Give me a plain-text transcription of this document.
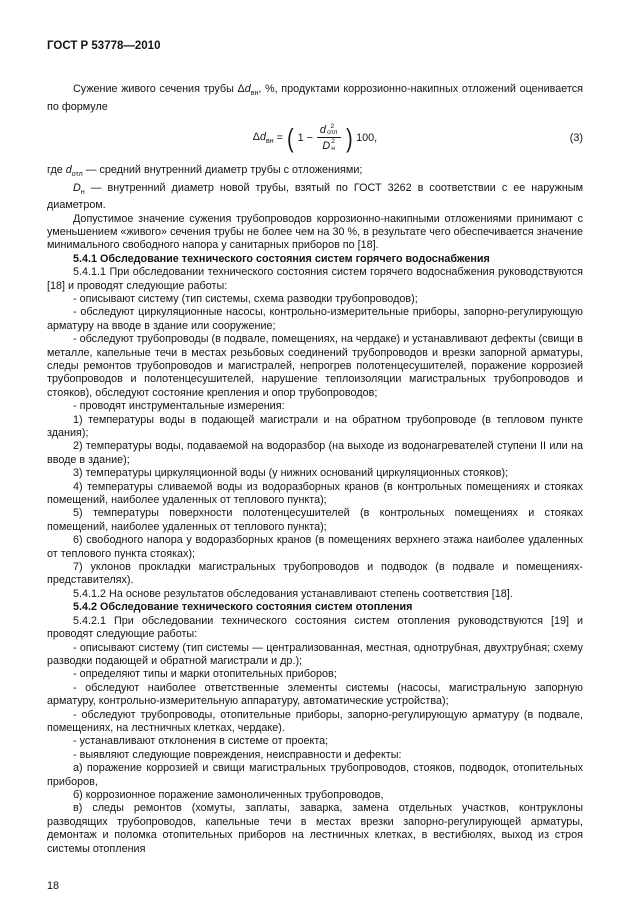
ГОСТ Р 53778—2010

Сужение живого сечения трубы $\Delta d_{вн}$, %, продуктами коррозионно-накипных отложений оценивается по формуле

$\Delta d_{вн}$ = ( 1 − d 2
отл
D 2
н ) 100,	(3)

где $d_{отл}$ — средний внутренний диаметр трубы с отложениями;

$D_н$ — внутренний диаметр новой трубы, взятый по ГОСТ 3262 в соответствии с ее наружным диаметром.

Допустимое значение сужения трубопроводов коррозионно-накипными отложениями принимают с уменьшением «живого» сечения трубы не более чем на 30 %, в результате чего обеспечивается значение минимального свободного напора у санитарных приборов по [18].

5.4.1 Обследование технического состояния систем горячего водоснабжения

5.4.1.1 При обследовании технического состояния систем горячего водоснабжения руководствуются [18] и проводят следующие работы:

- описывают систему (тип системы, схема разводки трубопроводов);

- обследуют циркуляционные насосы, контрольно-измерительные приборы, запорно-регулирующую арматуру на вводе в здание или сооружение;

- обследуют трубопроводы (в подвале, помещениях, на чердаке) и устанавливают дефекты (свищи в металле, капельные течи в местах резьбовых соединений трубопроводов и врезки запорной арматуры, следы ремонтов трубопроводов и магистралей, непрогрев полотенцесушителей, поражение коррозией трубопроводов и полотенцесушителей, нарушение теплоизоляции магистральных трубопроводов и стояков), обследуют состояние крепления и опор трубопроводов;

- проводят инструментальные измерения:

1) температуры воды в подающей магистрали и на обратном трубопроводе (в тепловом пункте здания);

2) температуры воды, подаваемой на водоразбор (на выходе из водонагревателей ступени II или на вводе в здание);

3) температуры циркуляционной воды (у нижних оснований циркуляционных стояков);

4) температуры сливаемой воды из водоразборных кранов (в контрольных помещениях и стояках помещений, наиболее удаленных от теплового пункта);

5) температуры поверхности полотенцесушителей (в контрольных помещениях и стояках помещений, наиболее удаленных от теплового пункта);

6) свободного напора у водоразборных кранов (в помещениях верхнего этажа наиболее удаленных от теплового пункта стояках);

7) уклонов прокладки магистральных трубопроводов и подводок (в подвале и помещениях-представителях).

5.4.1.2 На основе результатов обследования устанавливают степень соответствия [18].

5.4.2 Обследование технического состояния систем отопления

5.4.2.1 При обследовании технического состояния систем отопления руководствуются [19] и проводят следующие работы:

- описывают систему (тип системы — централизованная, местная, однотрубная, двухтрубная; схему разводки подающей и обратной магистрали и др.);

- определяют типы и марки отопительных приборов;

- обследуют наиболее ответственные элементы системы (насосы, магистральную запорную арматуру, контрольно-измерительную аппаратуру, автоматические устройства);

- обследуют трубопроводы, отопительные приборы, запорно-регулирующую арматуру (в подвале, помещениях, на лестничных клетках, чердаке).

- устанавливают отклонения в системе от проекта;

- выявляют следующие повреждения, неисправности и дефекты:

а) поражение коррозией и свищи магистральных трубопроводов, стояков, подводок, отопительных приборов,

б) коррозионное поражение замоноличенных трубопроводов,

в) следы ремонтов (хомуты, заплаты, заварка, замена отдельных участков, контруклоны разводящих трубопроводов, капельные течи в местах врезки запорно-регулирующей арматуры, демонтаж и поломка отопительных приборов на лестничных клетках, в вестибюлях, выход из строя системы отопления

18
